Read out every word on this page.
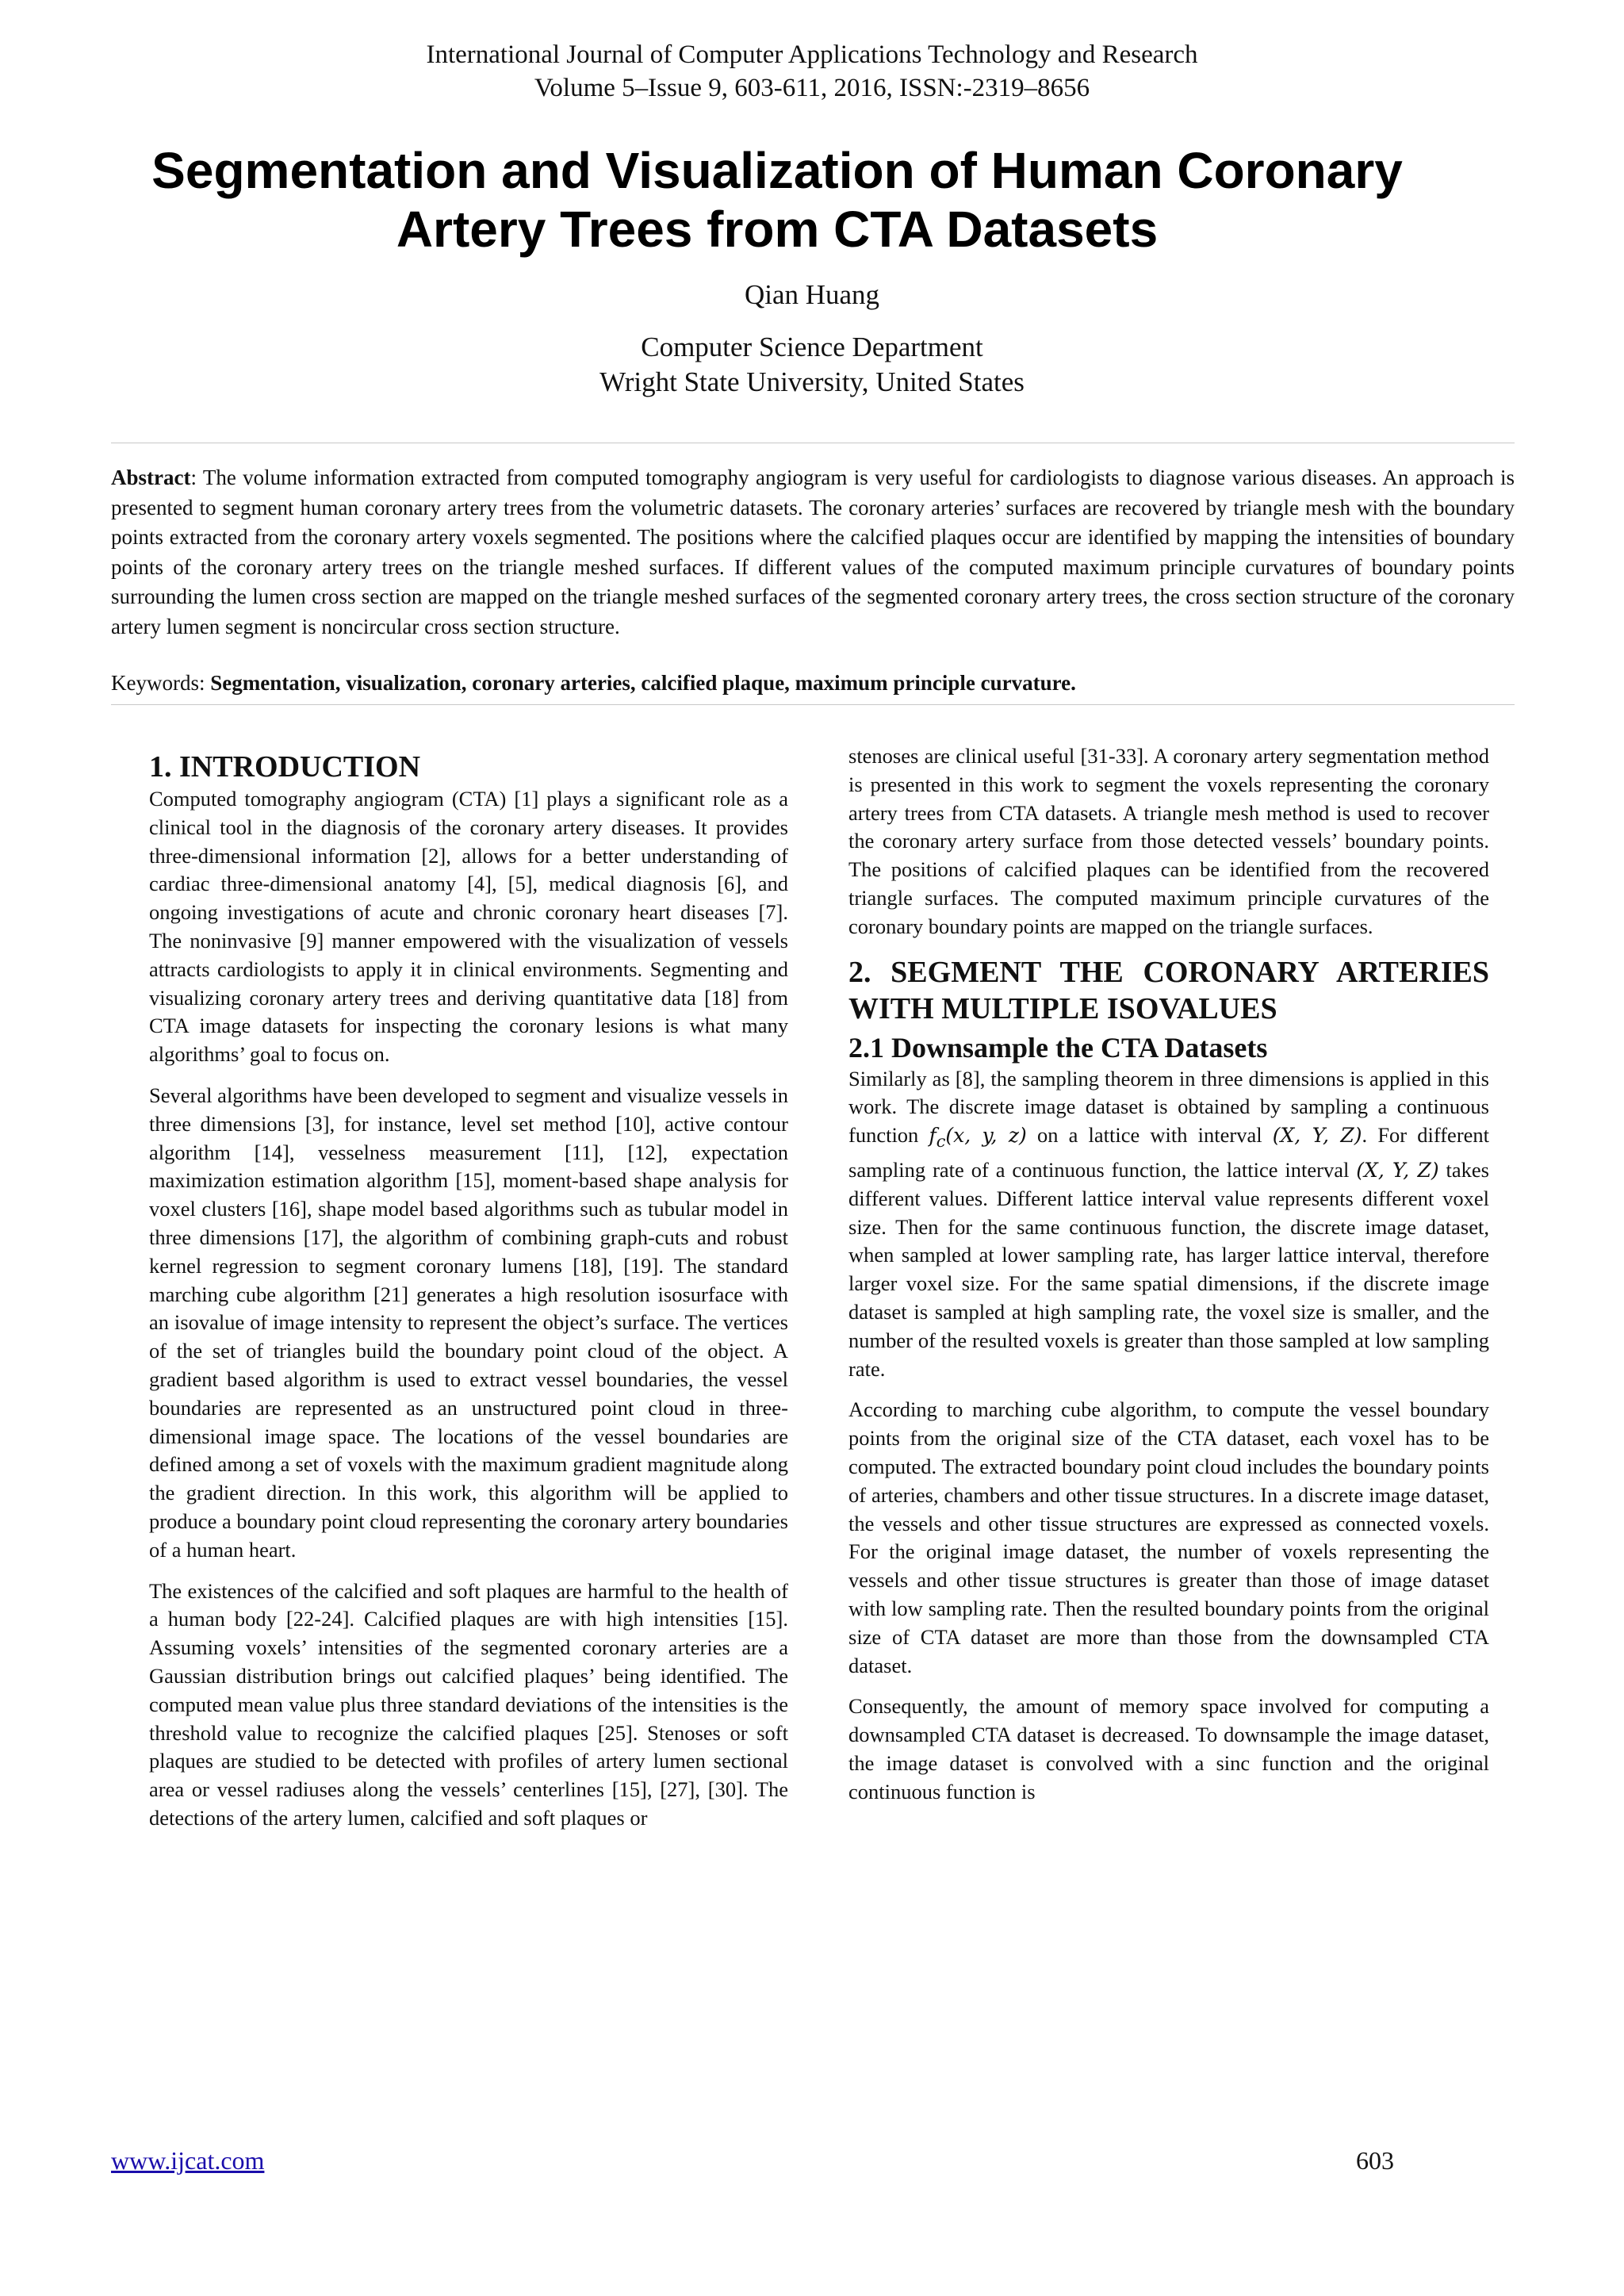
International Journal of Computer Applications Technology and Research
Volume 5–Issue 9, 603-611, 2016, ISSN:-2319–8656
Segmentation and Visualization of Human Coronary Artery Trees from CTA Datasets
Qian Huang
Computer Science Department
Wright State University, United States
Abstract: The volume information extracted from computed tomography angiogram is very useful for cardiologists to diagnose various diseases. An approach is presented to segment human coronary artery trees from the volumetric datasets. The coronary arteries’ surfaces are recovered by triangle mesh with the boundary points extracted from the coronary artery voxels segmented. The positions where the calcified plaques occur are identified by mapping the intensities of boundary points of the coronary artery trees on the triangle meshed surfaces. If different values of the computed maximum principle curvatures of boundary points surrounding the lumen cross section are mapped on the triangle meshed surfaces of the segmented coronary artery trees, the cross section structure of the coronary artery lumen segment is noncircular cross section structure.
Keywords: Segmentation, visualization, coronary arteries, calcified plaque, maximum principle curvature.
1. INTRODUCTION

Computed tomography angiogram (CTA) [1] plays a significant role as a clinical tool in the diagnosis of the coronary artery diseases. It provides three-dimensional information [2], allows for a better understanding of cardiac three-dimensional anatomy [4], [5], medical diagnosis [6], and ongoing investigations of acute and chronic coronary heart diseases [7]. The noninvasive [9] manner empowered with the visualization of vessels attracts cardiologists to apply it in clinical environments. Segmenting and visualizing coronary artery trees and deriving quantitative data [18] from CTA image datasets for inspecting the coronary lesions is what many algorithms’ goal to focus on.

Several algorithms have been developed to segment and visualize vessels in three dimensions [3], for instance, level set method [10], active contour algorithm [14], vesselness measurement [11], [12], expectation maximization estimation algorithm [15], moment-based shape analysis for voxel clusters [16], shape model based algorithms such as tubular model in three dimensions [17], the algorithm of combining graph-cuts and robust kernel regression to segment coronary lumens [18], [19]. The standard marching cube algorithm [21] generates a high resolution isosurface with an isovalue of image intensity to represent the object’s surface. The vertices of the set of triangles build the boundary point cloud of the object. A gradient based algorithm is used to extract vessel boundaries, the vessel boundaries are represented as an unstructured point cloud in three-dimensional image space. The locations of the vessel boundaries are defined among a set of voxels with the maximum gradient magnitude along the gradient direction. In this work, this algorithm will be applied to produce a boundary point cloud representing the coronary artery boundaries of a human heart.

The existences of the calcified and soft plaques are harmful to the health of a human body [22-24]. Calcified plaques are with high intensities [15]. Assuming voxels’ intensities of the segmented coronary arteries are a Gaussian distribution brings out calcified plaques’ being identified. The computed mean value plus three standard deviations of the intensities is the threshold value to recognize the calcified plaques [25]. Stenoses or soft plaques are studied to be detected with profiles of artery lumen sectional area or vessel radiuses along the vessels’ centerlines [15], [27], [30]. The detections of the artery lumen, calcified and soft plaques or

stenoses are clinical useful [31-33]. A coronary artery segmentation method is presented in this work to segment the voxels representing the coronary artery trees from CTA datasets. A triangle mesh method is used to recover the coronary artery surface from those detected vessels’ boundary points. The positions of calcified plaques can be identified from the recovered triangle surfaces. The computed maximum principle curvatures of the coronary boundary points are mapped on the triangle surfaces.

2. SEGMENT THE CORONARY ARTERIES WITH MULTIPLE ISOVALUES
2.1 Downsample the CTA Datasets

Similarly as [8], the sampling theorem in three dimensions is applied in this work. The discrete image dataset is obtained by sampling a continuous function $f_c(x$, y, z) on a lattice with interval (X, Y, Z). For different sampling rate of a continuous function, the lattice interval (X, Y, Z) takes different values. Different lattice interval value represents different voxel size. Then for the same continuous function, the discrete image dataset, when sampled at lower sampling rate, has larger lattice interval, therefore larger voxel size. For the same spatial dimensions, if the discrete image dataset is sampled at high sampling rate, the voxel size is smaller, and the number of the resulted voxels is greater than those sampled at low sampling rate.

According to marching cube algorithm, to compute the vessel boundary points from the original size of the CTA dataset, each voxel has to be computed. The extracted boundary point cloud includes the boundary points of arteries, chambers and other tissue structures. In a discrete image dataset, the vessels and other tissue structures are expressed as connected voxels. For the original image dataset, the number of voxels representing the vessels and other tissue structures is greater than those of image dataset with low sampling rate. Then the resulted boundary points from the original size of CTA dataset are more than those from the downsampled CTA dataset.

Consequently, the amount of memory space involved for computing a downsampled CTA dataset is decreased. To downsample the image dataset, the image dataset is convolved with a sinc function and the original continuous function is

www.ijcat.com	603
